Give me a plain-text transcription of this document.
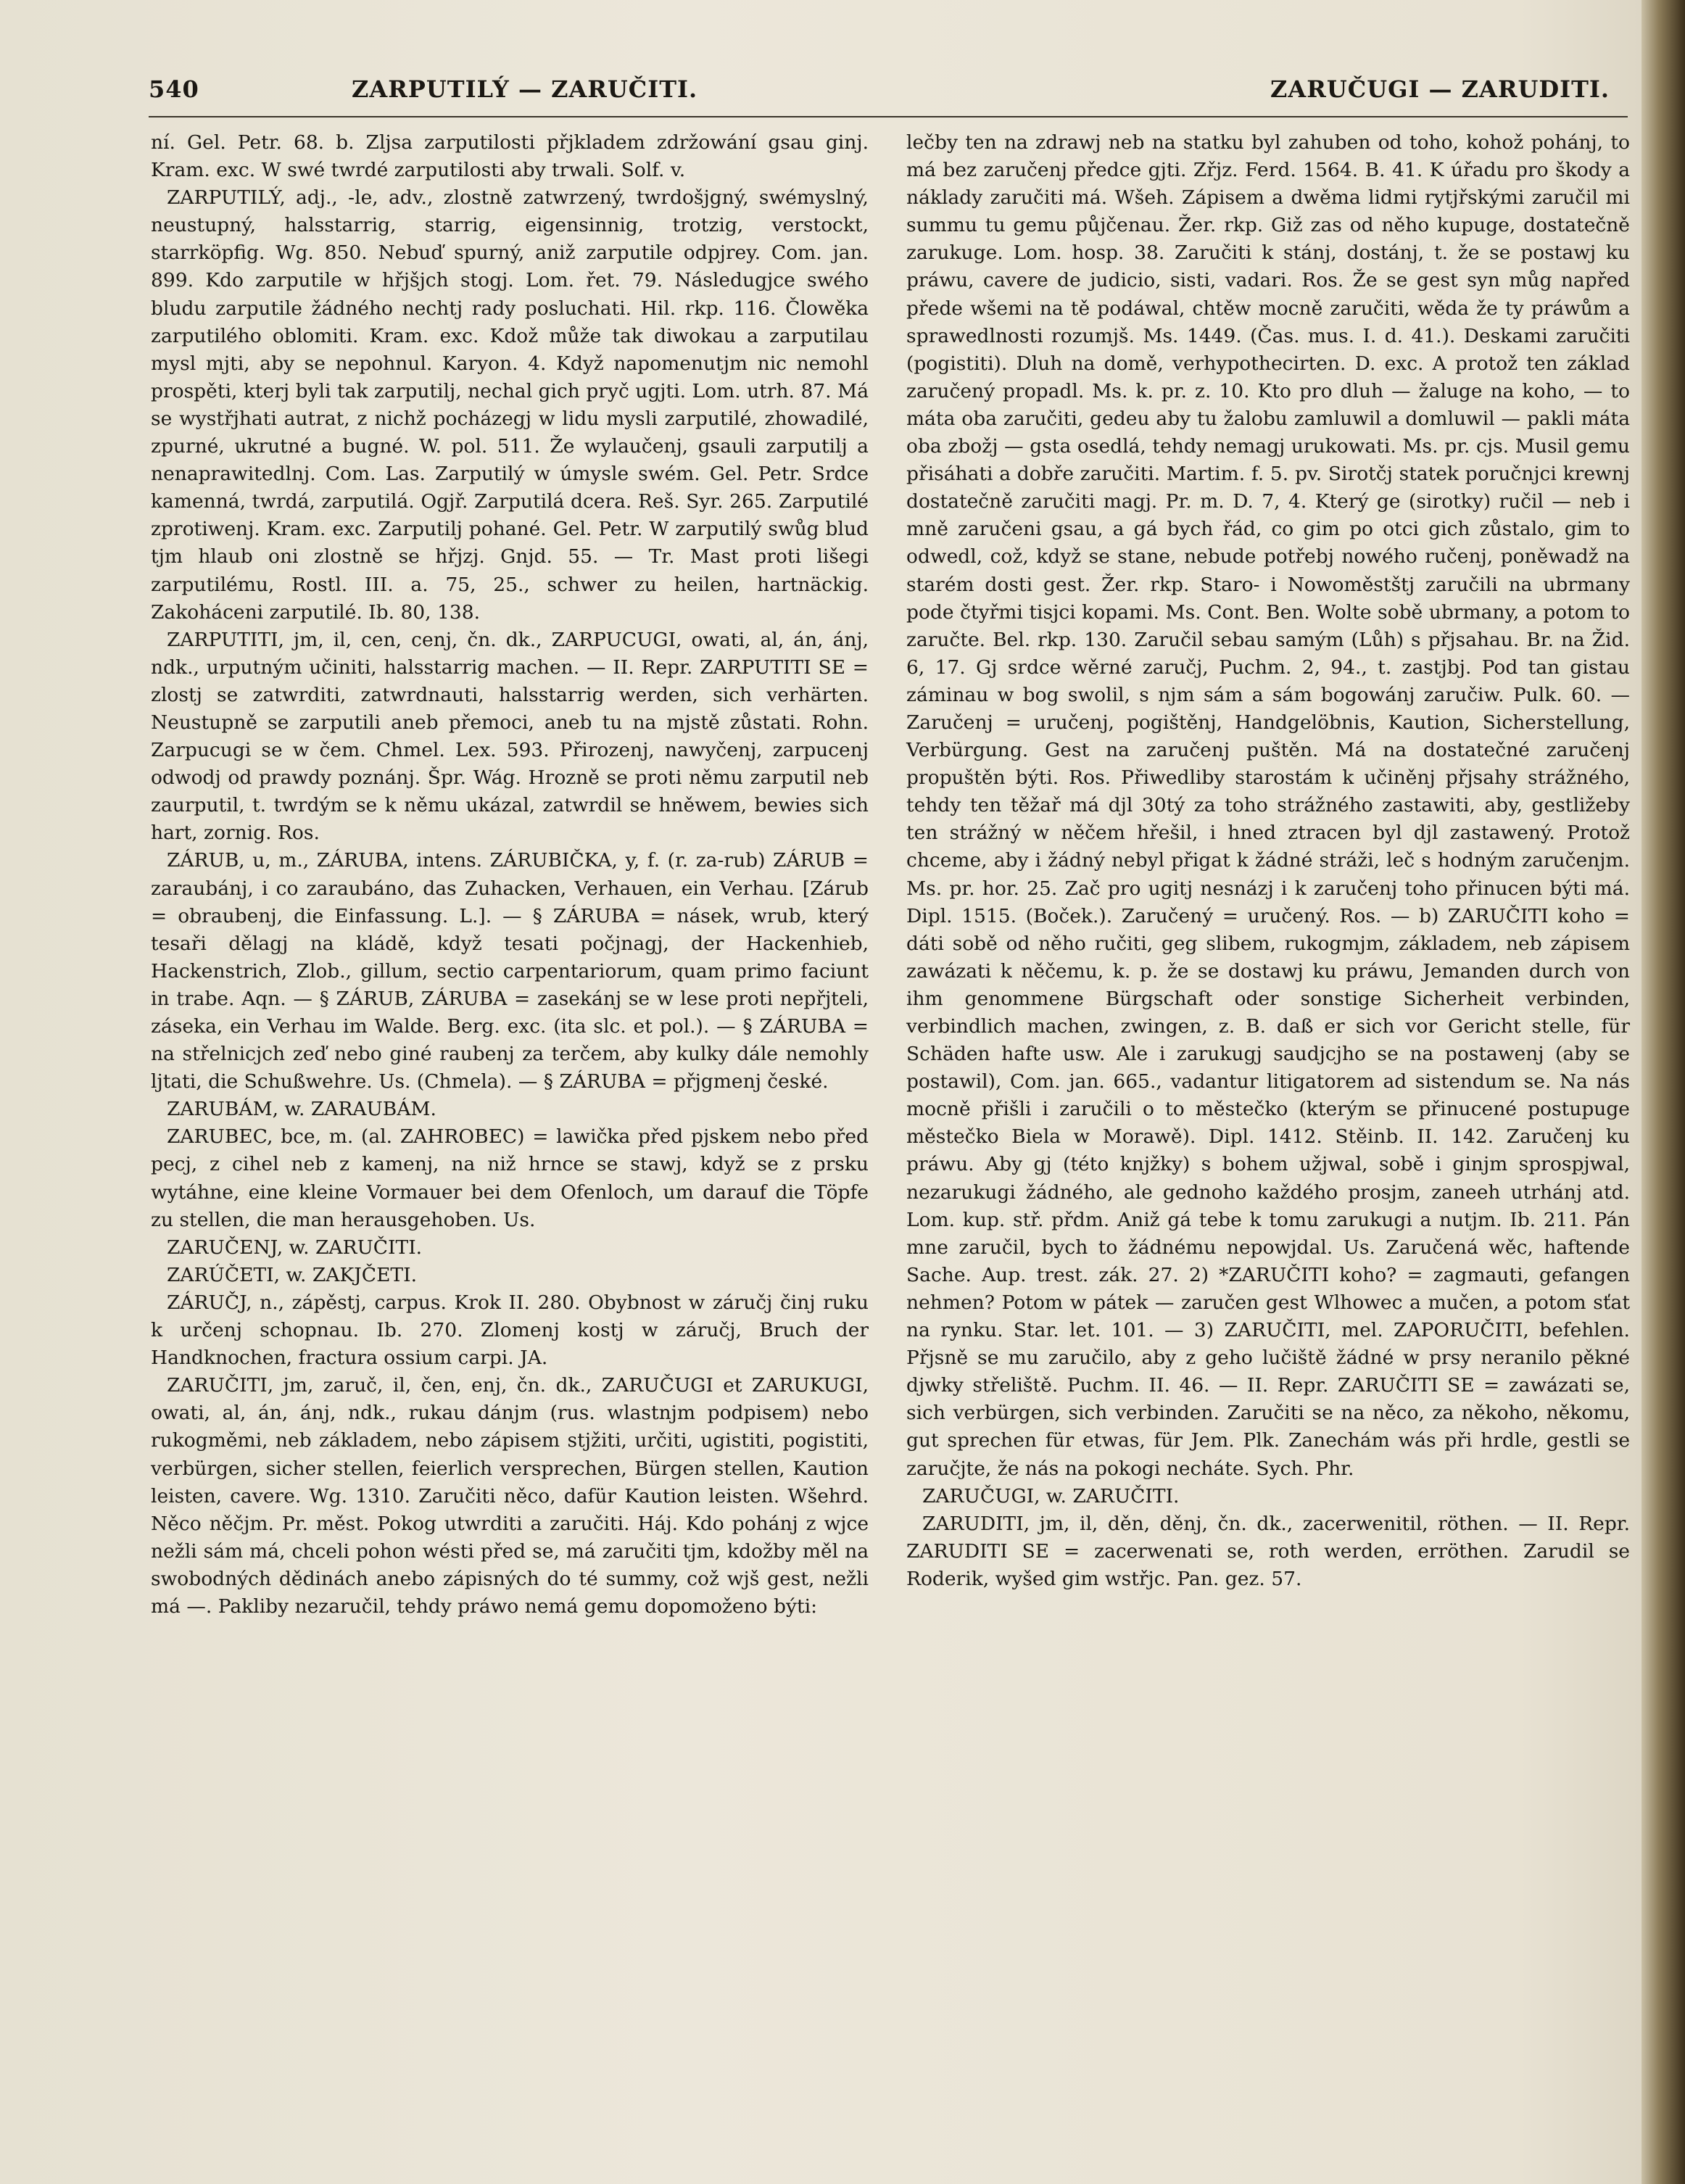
540	ZARPUTILÝ — ZARUČITI.	ZARUČUGI — ZARUDITI.

ní. Gel. Petr. 68. b. Zljsa zarputilosti přjkladem zdržowání gsau ginj. Kram. exc. W swé twrdé zarputilosti aby trwali. Solf. v.

ZARPUTILÝ, adj., -le, adv., zlostně zatwrzený, twrdošjgný, swémyslný, neustupný, halsstarrig, starrig, eigensinnig, trotzig, verstockt, starrköpfig. Wg. 850. Nebuď spurný, aniž zarputile odpjrey. Com. jan. 899. Kdo zarputile w hřjšjch stogj. Lom. řet. 79. Následugjce swého bludu zarputile žádného nechtj rady posluchati. Hil. rkp. 116. Člowěka zarputilého oblomiti. Kram. exc. Kdož může tak diwokau a zarputilau mysl mjti, aby se nepohnul. Karyon. 4. Když napomenutjm nic nemohl prospěti, kterj byli tak zarputilj, nechal gich pryč ugjti. Lom. utrh. 87. Má se wystřjhati autrat, z nichž pocházegj w lidu mysli zarputilé, zhowadilé, zpurné, ukrutné a bugné. W. pol. 511. Že wylaučenj, gsauli zarputilj a nenaprawitedlnj. Com. Las. Zarputilý w úmysle swém. Gel. Petr. Srdce kamenná, twrdá, zarputilá. Ogjř. Zarputilá dcera. Reš. Syr. 265. Zarputilé zprotiwenj. Kram. exc. Zarputilj pohané. Gel. Petr. W zarputilý swůg blud tjm hlaub oni zlostně se hřjzj. Gnjd. 55. — Tr. Mast proti lišegi zarputilému, Rostl. III. a. 75, 25., schwer zu heilen, hartnäckig. Zakoháceni zarputilé. Ib. 80, 138.

ZARPUTITI, jm, il, cen, cenj, čn. dk., ZARPUCUGI, owati, al, án, ánj, ndk., urputným učiniti, halsstarrig machen. — II. Repr. ZARPUTITI SE = zlostj se zatwrditi, zatwrdnauti, halsstarrig werden, sich verhärten. Neustupně se zarputili aneb přemoci, aneb tu na mjstě zůstati. Rohn. Zarpucugi se w čem. Chmel. Lex. 593. Přirozenj, nawyčenj, zarpucenj odwodj od prawdy poznánj. Špr. Wág. Hrozně se proti němu zarputil neb zaurputil, t. twrdým se k němu ukázal, zatwrdil se hněwem, bewies sich hart, zornig. Ros.

ZÁRUB, u, m., ZÁRUBA, intens. ZÁRUBIČKA, y, f. (r. za-rub) ZÁRUB = zaraubánj, i co zaraubáno, das Zuhacken, Verhauen, ein Verhau. [Zárub = obraubenj, die Einfassung. L.]. — § ZÁRUBA = násek, wrub, který tesaři dělagj na kládě, když tesati počjnagj, der Hackenhieb, Hackenstrich, Zlob., gillum, sectio carpentariorum, quam primo faciunt in trabe. Aqn. — § ZÁRUB, ZÁRUBA = zasekánj se w lese proti nepřjteli, záseka, ein Verhau im Walde. Berg. exc. (ita slc. et pol.). — § ZÁRUBA = na střelnicjch zeď nebo giné raubenj za terčem, aby kulky dále nemohly ljtati, die Schußwehre. Us. (Chmela). — § ZÁRUBA = přjgmenj české.

ZARUBÁM, w. ZARAUBÁM.

ZARUBEC, bce, m. (al. ZAHROBEC) = lawička před pjskem nebo před pecj, z cihel neb z kamenj, na niž hrnce se stawj, když se z prsku wytáhne, eine kleine Vormauer bei dem Ofenloch, um darauf die Töpfe zu stellen, die man herausgehoben. Us.

ZARUČENJ, w. ZARUČITI.

ZARÚČETI, w. ZAKJČETI.

ZÁRUČJ, n., zápěstj, carpus. Krok II. 280. Obybnost w záručj činj ruku k určenj schopnau. Ib. 270. Zlomenj kostj w záručj, Bruch der Handknochen, fractura ossium carpi. JA.

ZARUČITI, jm, zaruč, il, čen, enj, čn. dk., ZARUČUGI et ZARUKUGI, owati, al, án, ánj, ndk., rukau dánjm (rus. wlastnjm podpisem) nebo rukogměmi, neb základem, nebo zápisem stjžiti, určiti, ugistiti, pogistiti, verbürgen, sicher stellen, feierlich versprechen, Bürgen stellen, Kaution leisten, cavere. Wg. 1310. Zaručiti něco, dafür Kaution leisten. Wšehrd. Něco něčjm. Pr. měst. Pokog utwrditi a zaručiti. Háj. Kdo pohánj z wjce nežli sám má, chceli pohon wésti před se, má zaručiti tjm, kdožby měl na swobodných dědinách anebo zápisných do té summy, což wjš gest, nežli má —. Pakliby nezaručil, tehdy práwo nemá gemu dopomoženo býti:

lečby ten na zdrawj neb na statku byl zahuben od toho, kohož pohánj, to má bez zaručenj předce gjti. Zřjz. Ferd. 1564. B. 41. K úřadu pro škody a náklady zaručiti má. Wšeh. Zápisem a dwěma lidmi rytjřskými zaručil mi summu tu gemu půjčenau. Žer. rkp. Giž zas od něho kupuge, dostatečně zarukuge. Lom. hosp. 38. Zaručiti k stánj, dostánj, t. že se postawj ku práwu, cavere de judicio, sisti, vadari. Ros. Že se gest syn můg napřed přede wšemi na tě podáwal, chtěw mocně zaručiti, wěda že ty práwům a sprawedlnosti rozumjš. Ms. 1449. (Čas. mus. I. d. 41.). Deskami zaručiti (pogistiti). Dluh na domě, verhypothecirten. D. exc. A protož ten základ zaručený propadl. Ms. k. pr. z. 10. Kto pro dluh — žaluge na koho, — to máta oba zaručiti, gedeu aby tu žalobu zamluwil a domluwil — pakli máta oba zbožj — gsta osedlá, tehdy nemagj urukowati. Ms. pr. cjs. Musil gemu přisáhati a dobře zaručiti. Martim. f. 5. pv. Sirotčj statek poručnjci krewnj dostatečně zaručiti magj. Pr. m. D. 7, 4. Který ge (sirotky) ručil — neb i mně zaručeni gsau, a gá bych řád, co gim po otci gich zůstalo, gim to odwedl, což, když se stane, nebude potřebj nowého ručenj, poněwadž na starém dosti gest. Žer. rkp. Staro- i Nowoměstštj zaručili na ubrmany pode čtyřmi tisjci kopami. Ms. Cont. Ben. Wolte sobě ubrmany, a potom to zaručte. Bel. rkp. 130. Zaručil sebau samým (Lůh) s přjsahau. Br. na Žid. 6, 17. Gj srdce wěrné zaručj, Puchm. 2, 94., t. zastjbj. Pod tan gistau záminau w bog swolil, s njm sám a sám bogowánj zaručiw. Pulk. 60. — Zaručenj = uručenj, pogištěnj, Handgelöbnis, Kaution, Sicherstellung, Verbürgung. Gest na zaručenj puštěn. Má na dostatečné zaručenj propuštěn býti. Ros. Přiwedliby starostám k učiněnj přjsahy strážného, tehdy ten těžař má djl 30tý za toho strážného zastawiti, aby, gestližeby ten strážný w něčem hřešil, i hned ztracen byl djl zastawený. Protož chceme, aby i žádný nebyl přigat k žádné stráži, leč s hodným zaručenjm. Ms. pr. hor. 25. Zač pro ugitj nesnázj i k zaručenj toho přinucen býti má. Dipl. 1515. (Boček.). Zaručený = uručený. Ros. — b) ZARUČITI koho = dáti sobě od něho ručiti, geg slibem, rukogmjm, základem, neb zápisem zawázati k něčemu, k. p. že se dostawj ku práwu, Jemanden durch von ihm genommene Bürgschaft oder sonstige Sicherheit verbinden, verbindlich machen, zwingen, z. B. daß er sich vor Gericht stelle, für Schäden hafte usw. Ale i zarukugj saudjcjho se na postawenj (aby se postawil), Com. jan. 665., vadantur litigatorem ad sistendum se. Na nás mocně přišli i zaručili o to městečko (kterým se přinucené postupuge městečko Biela w Morawě). Dipl. 1412. Stěinb. II. 142. Zaručenj ku práwu. Aby gj (této knjžky) s bohem užjwal, sobě i ginjm sprospjwal, nezarukugi žádného, ale gednoho každého prosjm, zaneeh utrhánj atd. Lom. kup. stř. přdm. Aniž gá tebe k tomu zarukugi a nutjm. Ib. 211. Pán mne zaručil, bych to žádnému nepowjdal. Us. Zaručená wěc, haftende Sache. Aup. trest. zák. 27. 2) *ZARUČITI koho? = zagmauti, gefangen nehmen? Potom w pátek — zaručen gest Wlhowec a mučen, a potom sťat na rynku. Star. let. 101. — 3) ZARUČITI, mel. ZAPORUČITI, befehlen. Přjsně se mu zaručilo, aby z geho lučiště žádné w prsy neranilo pěkné djwky střeliště. Puchm. II. 46. — II. Repr. ZARUČITI SE = zawázati se, sich verbürgen, sich verbinden. Zaručiti se na něco, za někoho, někomu, gut sprechen für etwas, für Jem. Plk. Zanechám wás při hrdle, gestli se zaručjte, že nás na pokogi necháte. Sych. Phr.

ZARUČUGI, w. ZARUČITI.

ZARUDITI, jm, il, děn, děnj, čn. dk., zacerwenitil, röthen. — II. Repr. ZARUDITI SE = zacerwenati se, roth werden, erröthen. Zarudil se Roderik, wyšed gim wstřjc. Pan. gez. 57.
